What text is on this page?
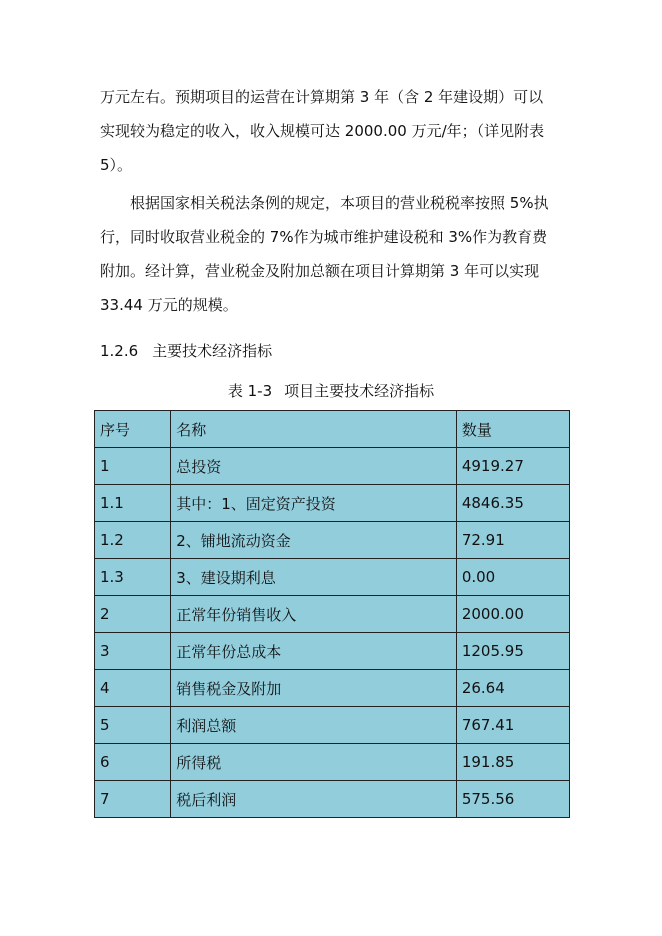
万元左右。预期项目的运营在计算期第 3 年（含 2 年建设期）可以
实现较为稳定的收入，收入规模可达 2000.00 万元/年；（详见附表
5）。
根据国家相关税法条例的规定，本项目的营业税税率按照 5%执
行，同时收取营业税金的 7%作为城市维护建设税和 3%作为教育费
附加。经计算，营业税金及附加总额在项目计算期第 3 年可以实现
33.44 万元的规模。
1.2.6 主要技术经济指标
表 1-3 项目主要技术经济指标
序号	名称	数量
1	总投资	4919.27
1.1	其中：1、固定资产投资	4846.35
1.2	2、铺地流动资金	72.91
1.3	3、建设期利息	0.00
2	正常年份销售收入	2000.00
3	正常年份总成本	1205.95
4	销售税金及附加	26.64
5	利润总额	767.41
6	所得税	191.85
7	税后利润	575.56
